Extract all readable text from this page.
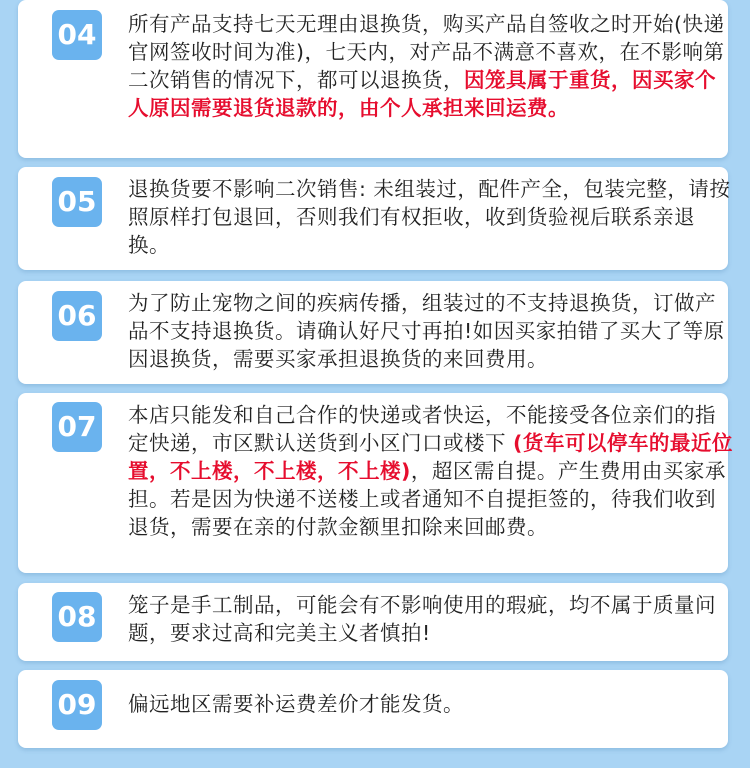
04 所有产品支持七天无理由退换货，购买产品自签收之时开始(快递官网签收时间为准)，七天内，对产品不满意不喜欢，在不影响第二次销售的情况下，都可以退换货，因笼具属于重货，因买家个人原因需要退货退款的，由个人承担来回运费。
05 退换货要不影响二次销售: 未组装过，配件产全，包装完整，请按照原样打包退回，否则我们有权拒收，收到货验视后联系亲退换。
06 为了防止宠物之间的疾病传播，组装过的不支持退换货，订做产品不支持退换货。请确认好尺寸再拍!如因买家拍错了买大了等原因退换货，需要买家承担退换货的来回费用。
07 本店只能发和自己合作的快递或者快运，不能接受各位亲们的指定快递，市区默认送货到小区门口或楼下 (货车可以停车的最近位置，不上楼，不上楼，不上楼)，超区需自提。产生费用由买家承担。若是因为快递不送楼上或者通知不自提拒签的，待我们收到退货，需要在亲的付款金额里扣除来回邮费。
08 笼子是手工制品，可能会有不影响使用的瑕疵，均不属于质量问题，要求过高和完美主义者慎拍!
09 偏远地区需要补运费差价才能发货。
